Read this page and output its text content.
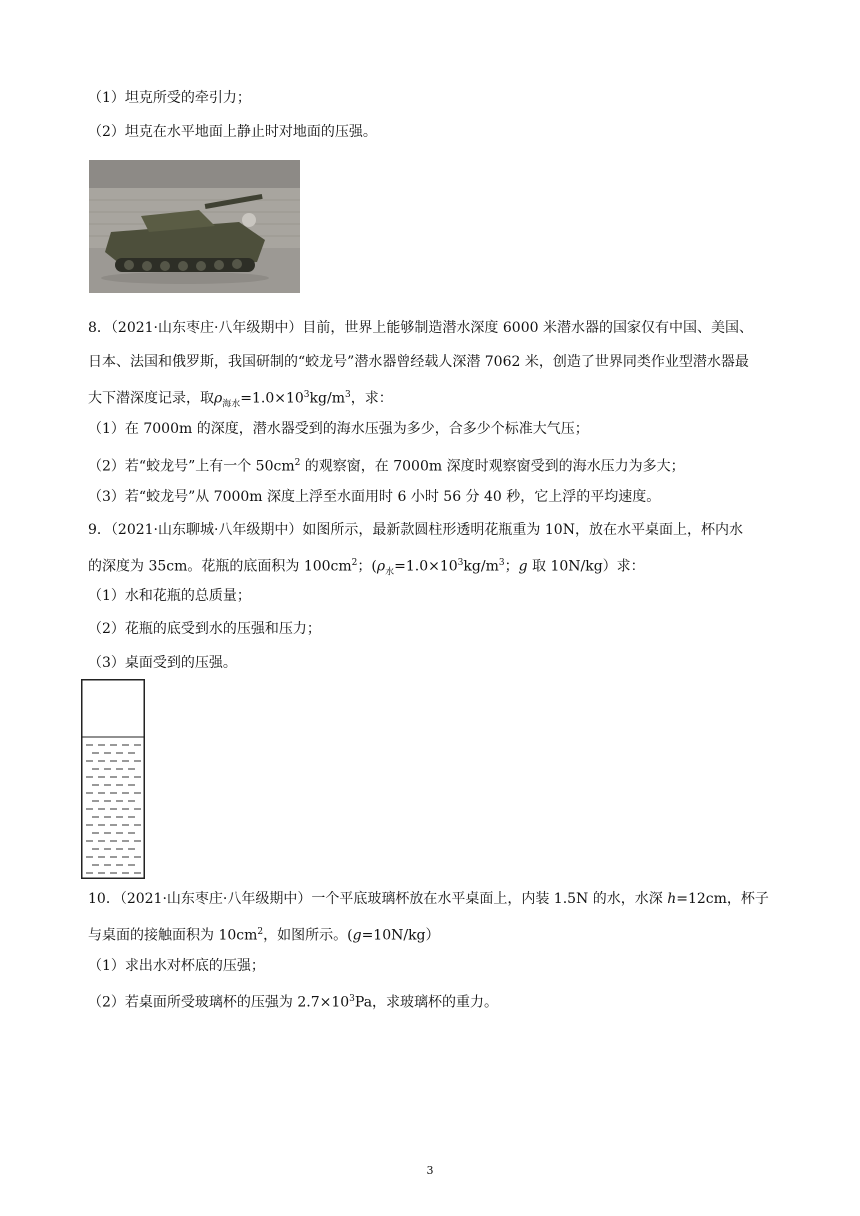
（1）坦克所受的牵引力；
（2）坦克在水平地面上静止时对地面的压强。
8．（2021·山东枣庄·八年级期中）目前，世界上能够制造潜水深度 6000 米潜水器的国家仅有中国、美国、
日本、法国和俄罗斯，我国研制的“蛟龙号”潜水器曾经载人深潜 7062 米，创造了世界同类作业型潜水器最
大下潜深度记录，取$\rho_{海水}=1.0\times 10^3kg/m^3$，求：
（1）在 7000m 的深度，潜水器受到的海水压强为多少，合多少个标准大气压；
（2）若“蛟龙号”上有一个 $50cm^2$ 的观察窗，在 7000m 深度时观察窗受到的海水压力为多大；
（3）若“蛟龙号”从 7000m 深度上浮至水面用时 6 小时 56 分 40 秒，它上浮的平均速度。
9．（2021·山东聊城·八年级期中）如图所示，最新款圆柱形透明花瓶重为 10N，放在水平桌面上，杯内水
的深度为 35cm。花瓶的底面积为 $100cm^2$；($\rho_水=1.0\times 10^3kg/m^3$；g 取 10N/kg）求：
（1）水和花瓶的总质量；
（2）花瓶的底受到水的压强和压力；
（3）桌面受到的压强。
10．（2021·山东枣庄·八年级期中）一个平底玻璃杯放在水平桌面上，内装 1.5N 的水，水深 h=12cm，杯子
与桌面的接触面积为 $10cm^2$，如图所示。(g=10N/kg）
（1）求出水对杯底的压强；
（2）若桌面所受玻璃杯的压强为 $2.7\times 10^3Pa$，求玻璃杯的重力。
3
